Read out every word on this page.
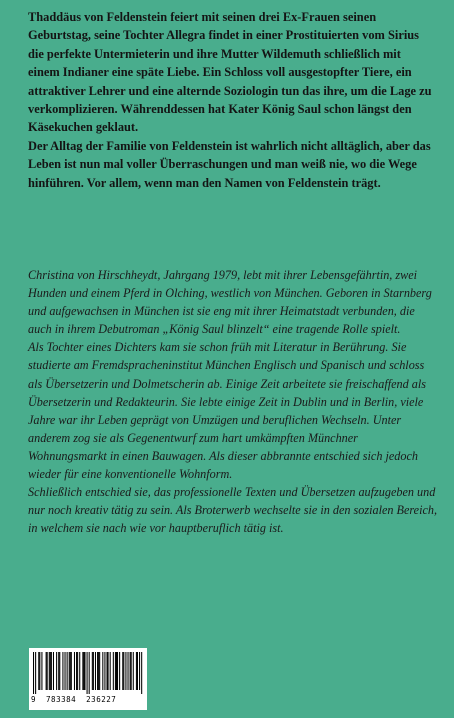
Thaddäus von Feldenstein feiert mit seinen drei Ex-Frauen seinen Geburtstag, seine Tochter Allegra findet in einer Prostituierten vom Sirius die perfekte Untermieterin und ihre Mutter Wildemuth schließlich mit einem Indianer eine späte Liebe. Ein Schloss voll ausgestopfter Tiere, ein attraktiver Lehrer und eine alternde Soziologin tun das ihre, um die Lage zu verkomplizieren. Währenddessen hat Kater König Saul schon längst den Käsekuchen geklaut.

Der Alltag der Familie von Feldenstein ist wahrlich nicht alltäglich, aber das Leben ist nun mal voller Überraschungen und man weiß nie, wo die Wege hinführen. Vor allem, wenn man den Namen von Feldenstein trägt.

Christina von Hirschheydt, Jahrgang 1979, lebt mit ihrer Lebensgefährtin, zwei Hunden und einem Pferd in Olching, westlich von München. Geboren in Starnberg und aufgewachsen in München ist sie eng mit ihrer Heimatstadt verbunden, die auch in ihrem Debutroman „König Saul blinzelt“ eine tragende Rolle spielt.

Als Tochter eines Dichters kam sie schon früh mit Literatur in Berührung. Sie studierte am Fremdspracheninstitut München Englisch und Spanisch und schloss als Übersetzerin und Dolmetscherin ab. Einige Zeit arbeitete sie freischaffend als Übersetzerin und Redakteurin. Sie lebte einige Zeit in Dublin und in Berlin, viele Jahre war ihr Leben geprägt von Umzügen und beruflichen Wechseln. Unter anderem zog sie als Gegenentwurf zum hart umkämpften Münchner Wohnungsmarkt in einen Bauwagen. Als dieser abbrannte entschied sich jedoch wieder für eine konventionelle Wohnform.

Schließlich entschied sie, das professionelle Texten und Übersetzen aufzugeben und nur noch kreativ tätig zu sein. Als Broterwerb wechselte sie in den sozialen Bereich, in welchem sie nach wie vor hauptberuflich tätig ist.

9  783384  236227
